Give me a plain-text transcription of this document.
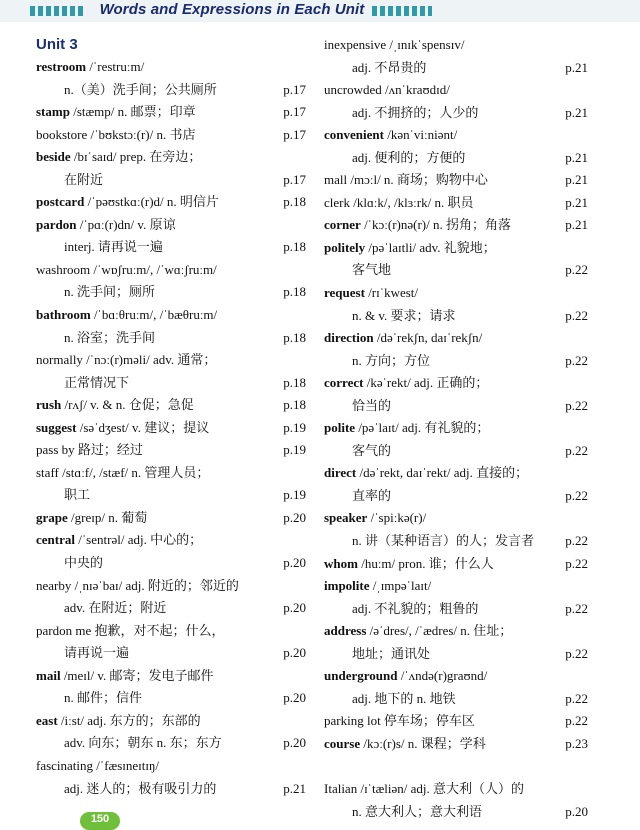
Words and Expressions in Each Unit
Unit 3
restroom /ˈrestruːm/
n.（美）洗手间；公共厕所	p.17
stamp /stæmp/ n. 邮票；印章	p.17
bookstore /ˈbʊkstɔː(r)/ n. 书店	p.17
beside /bɪˈsaɪd/ prep. 在旁边；
在附近	p.17
postcard /ˈpəʊstkɑː(r)d/ n. 明信片	p.18
pardon /ˈpɑː(r)dn/ v. 原谅
interj. 请再说一遍	p.18
washroom /ˈwɒʃruːm/, /ˈwɑːʃruːm/
n. 洗手间；厕所	p.18
bathroom /ˈbɑːθruːm/, /ˈbæθruːm/
n. 浴室；洗手间	p.18
normally /ˈnɔː(r)məli/ adv. 通常；
正常情况下	p.18
rush /rʌʃ/ v. & n. 仓促；急促	p.18
suggest /səˈdʒest/ v. 建议；提议	p.19
pass by 路过；经过	p.19
staff /stɑːf/, /stæf/ n. 管理人员；
职工	p.19
grape /greɪp/ n. 葡萄	p.20
central /ˈsentrəl/ adj. 中心的；
中央的	p.20
nearby /ˌnɪəˈbaɪ/ adj. 附近的；邻近的
adv. 在附近；附近	p.20
pardon me 抱歉，对不起；什么，
请再说一遍	p.20
mail /meɪl/ v. 邮寄；发电子邮件
n. 邮件；信件	p.20
east /iːst/ adj. 东方的；东部的
adv. 向东；朝东 n. 东；东方	p.20
fascinating /ˈfæsɪneɪtɪŋ/
adj. 迷人的；极有吸引力的	p.21
inexpensive /ˌɪnɪkˈspensɪv/
adj. 不昂贵的	p.21
uncrowded /ʌnˈkraʊdɪd/
adj. 不拥挤的；人少的	p.21
convenient /kənˈviːniənt/
adj. 便利的；方便的	p.21
mall /mɔːl/ n. 商场；购物中心	p.21
clerk /klɑːk/, /klɜːrk/ n. 职员	p.21
corner /ˈkɔː(r)nə(r)/ n. 拐角；角落	p.21
politely /pəˈlaɪtli/ adv. 礼貌地；
客气地	p.22
request /rɪˈkwest/
n. & v. 要求；请求	p.22
direction /dəˈrekʃn, daɪˈrekʃn/
n. 方向；方位	p.22
correct /kəˈrekt/ adj. 正确的；
恰当的	p.22
polite /pəˈlaɪt/ adj. 有礼貌的；
客气的	p.22
direct /dəˈrekt, daɪˈrekt/ adj. 直接的；
直率的	p.22
speaker /ˈspiːkə(r)/
n. 讲（某种语言）的人；发言者 p.22
whom /huːm/ pron. 谁；什么人	p.22
impolite /ˌɪmpəˈlaɪt/
adj. 不礼貌的；粗鲁的	p.22
address /əˈdres/, /ˈædres/ n. 住址；
地址；通讯处	p.22
underground /ˈʌndə(r)graʊnd/
adj. 地下的 n. 地铁	p.22
parking lot 停车场；停车区	p.22
course /kɔː(r)s/ n. 课程；学科	p.23
Italian /ɪˈtæliən/ adj. 意大利（人）的
n. 意大利人；意大利语	p.20
150
